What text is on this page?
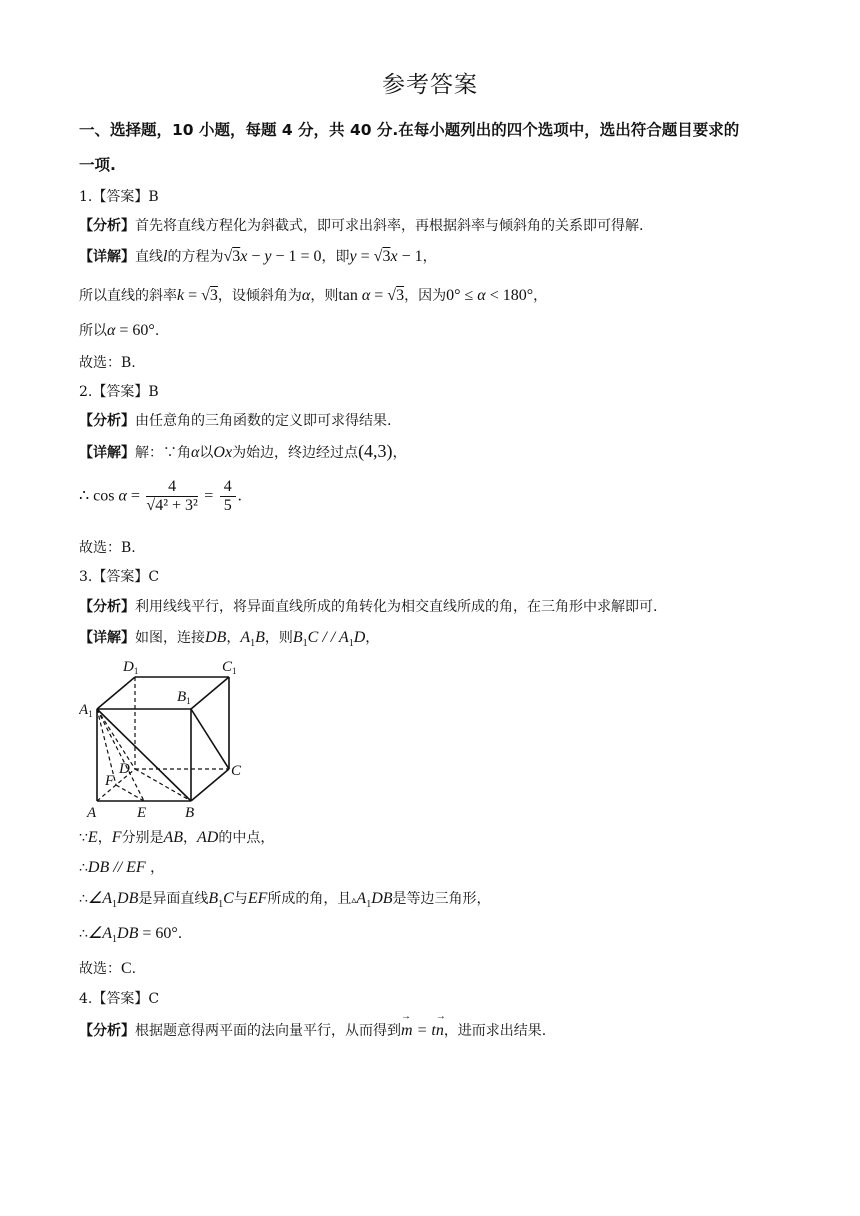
参考答案
一、选择题，10 小题，每题 4 分，共 40 分.在每小题列出的四个选项中，选出符合题目要求的
一项.
1.【答案】B
【分析】首先将直线方程化为斜截式，即可求出斜率，再根据斜率与倾斜角的关系即可得解.
【详解】直线l的方程为√3x − y − 1 = 0，即y = √3x − 1，
所以直线的斜率k = √3，设倾斜角为α，则tan α = √3，因为0° ≤ α < 180°，
所以α = 60°.
故选：B.
2.【答案】B
【分析】由任意角的三角函数的定义即可求得结果.
【详解】解：∵角α以Ox为始边，终边经过点(4,3)，
∴ $\cos \alpha = \frac{4}{\text{√4² + 3²}} = \frac{4}{5}$ .
故选：B.
3.【答案】C
【分析】利用线线平行，将异面直线所成的角转化为相交直线所成的角，在三角形中求解即可.
【详解】如图，连接DB，$A_1B$，则$B_1C$ / / $A_1D$，
$D_1$	$C_1$
$B_1$
$A_1$
D	C
F
A	E	B
∵E，F分别是AB，AD的中点，
∴DB // EF ，
$\therefore\angle A_1DB$是异面直线$B_1C$与EF所成的角，且$▵A_1DB$是等边三角形，
$\therefore\angle A_1DB = 60^\circ$.
故选：C.
4.【答案】C
【分析】根据题意得两平面的法向量平行，从而得到→ m = t→ n，进而求出结果.
